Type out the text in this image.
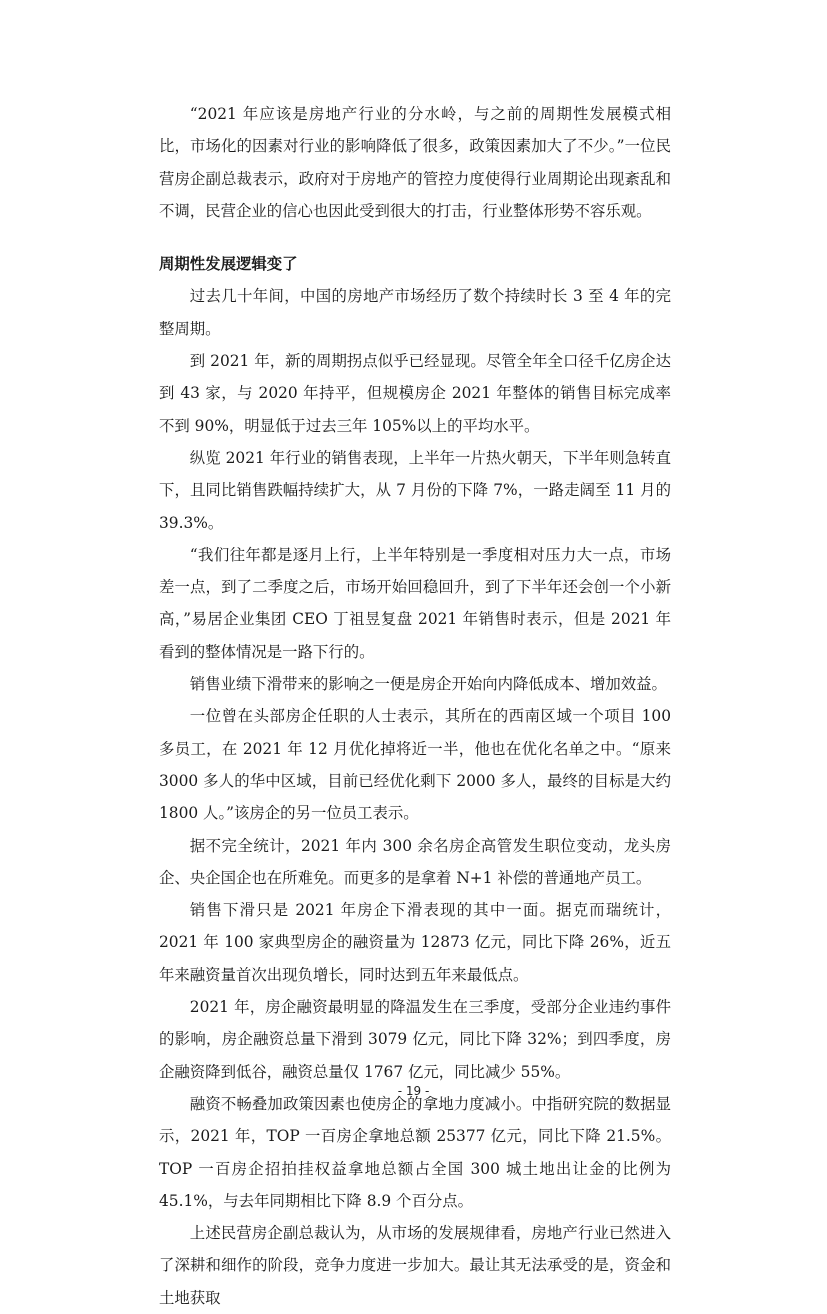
“2021 年应该是房地产行业的分水岭，与之前的周期性发展模式相比，市场化的因素对行业的影响降低了很多，政策因素加大了不少。”一位民营房企副总裁表示，政府对于房地产的管控力度使得行业周期论出现紊乱和不调，民营企业的信心也因此受到很大的打击，行业整体形势不容乐观。

周期性发展逻辑变了

过去几十年间，中国的房地产市场经历了数个持续时长 3 至 4 年的完整周期。

到 2021 年，新的周期拐点似乎已经显现。尽管全年全口径千亿房企达到 43 家，与 2020 年持平，但规模房企 2021 年整体的销售目标完成率不到 90%，明显低于过去三年 105%以上的平均水平。

纵览 2021 年行业的销售表现，上半年一片热火朝天，下半年则急转直下，且同比销售跌幅持续扩大，从 7 月份的下降 7%，一路走阔至 11 月的 39.3%。

“我们往年都是逐月上行，上半年特别是一季度相对压力大一点，市场差一点，到了二季度之后，市场开始回稳回升，到了下半年还会创一个小新高，”易居企业集团 CEO 丁祖昱复盘 2021 年销售时表示，但是 2021 年看到的整体情况是一路下行的。

销售业绩下滑带来的影响之一便是房企开始向内降低成本、增加效益。

一位曾在头部房企任职的人士表示，其所在的西南区域一个项目 100 多员工，在 2021 年 12 月优化掉将近一半，他也在优化名单之中。“原来 3000 多人的华中区域，目前已经优化剩下 2000 多人，最终的目标是大约 1800 人。”该房企的另一位员工表示。

据不完全统计，2021 年内 300 余名房企高管发生职位变动，龙头房企、央企国企也在所难免。而更多的是拿着 N+1 补偿的普通地产员工。

销售下滑只是 2021 年房企下滑表现的其中一面。据克而瑞统计，2021 年 100 家典型房企的融资量为 12873 亿元，同比下降 26%，近五年来融资量首次出现负增长，同时达到五年来最低点。

2021 年，房企融资最明显的降温发生在三季度，受部分企业违约事件的影响，房企融资总量下滑到 3079 亿元，同比下降 32%；到四季度，房企融资降到低谷，融资总量仅 1767 亿元，同比减少 55%。

融资不畅叠加政策因素也使房企的拿地力度减小。中指研究院的数据显示，2021 年，TOP 一百房企拿地总额 25377 亿元，同比下降 21.5%。TOP 一百房企招拍挂权益拿地总额占全国 300 城土地出让金的比例为 45.1%，与去年同期相比下降 8.9 个百分点。

上述民营房企副总裁认为，从市场的发展规律看，房地产行业已然进入了深耕和细作的阶段，竞争力度进一步加大。最让其无法承受的是，资金和土地获取

- 19 -
